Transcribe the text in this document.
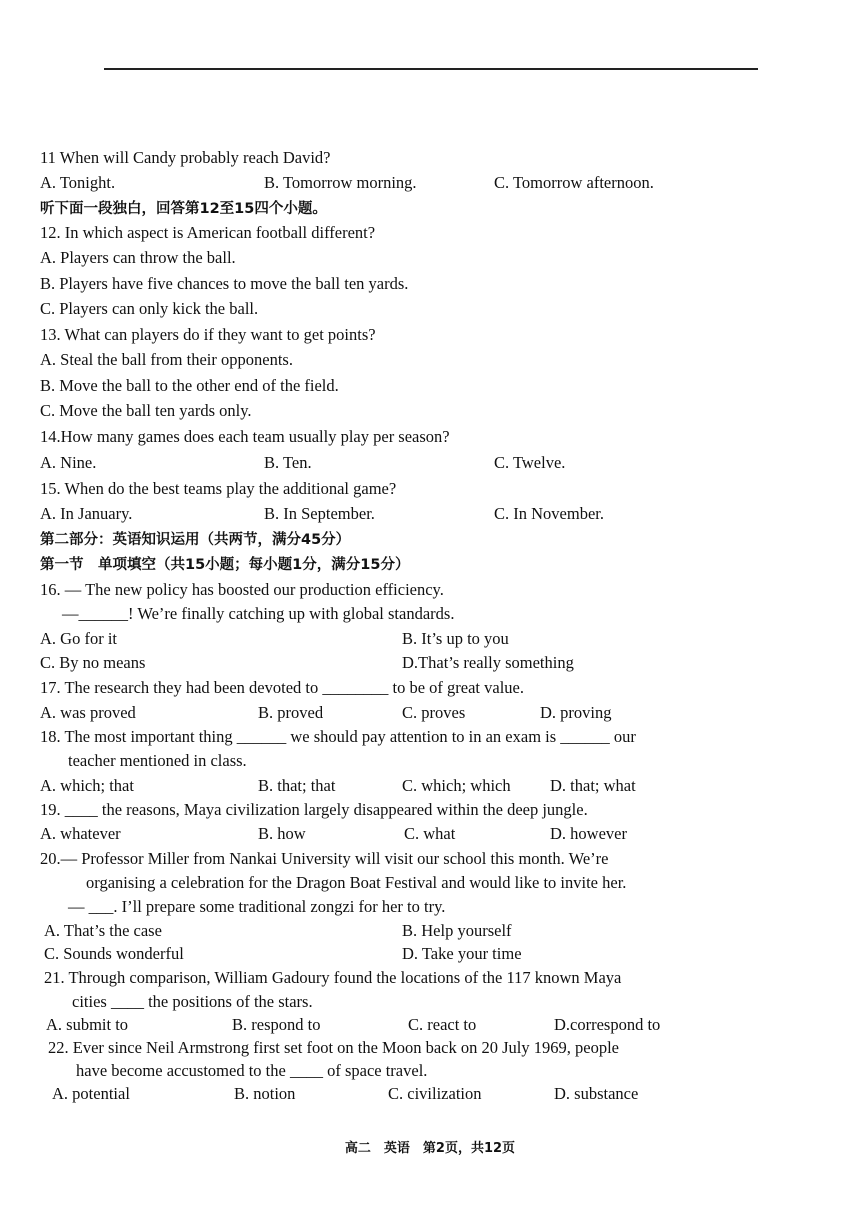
11 When will Candy probably reach David?
A. Tonight.	B. Tomorrow morning.	C. Tomorrow afternoon.
听下面一段独白，回答第12至15四个小题。
12. In which aspect is American football different?
A. Players can throw the ball.
B. Players have five chances to move the ball ten yards.
C. Players can only kick the ball.
13. What can players do if they want to get points?
A. Steal the ball from their opponents.
B. Move the ball to the other end of the field.
C. Move the ball ten yards only.
14.How many games does each team usually play per season?
A. Nine.	B. Ten.	C. Twelve.
15. When do the best teams play the additional game?
A. In January.	B. In September.	C. In November.
第二部分：英语知识运用（共两节，满分45分）
第一节　单项填空（共15小题；每小题1分，满分15分）
16. — The new policy has boosted our production efficiency.
—______! We’re finally catching up with global standards.
A. Go for it	B. It’s up to you
C. By no means	D.That’s really something
17. The research they had been devoted to ________ to be of great value.
A. was proved	B. proved	C. proves	D. proving
18. The most important thing ______ we should pay attention to in an exam is ______ our
teacher mentioned in class.
A. which; that	B. that; that	C. which; which D. that; what
19. ____ the reasons, Maya civilization largely disappeared within the deep jungle.
A. whatever	B. how	C. what	D. however
20.— Professor Miller from Nankai University will visit our school this month. We’re
organising a celebration for the Dragon Boat Festival and would like to invite her.
— ___. I’ll prepare some traditional zongzi for her to try.
A. That’s the case	B. Help yourself
C. Sounds wonderful	D. Take your time
21. Through comparison, William Gadoury found the locations of the 117 known Maya
cities ____ the positions of the stars.
A. submit to	B. respond to	C. react to	D.correspond to
22. Ever since Neil Armstrong first set foot on the Moon back on 20 July 1969, people
have become accustomed to the ____ of space travel.
A. potential	B. notion	C. civilization	D. substance
高二　英语　第2页，共12页
